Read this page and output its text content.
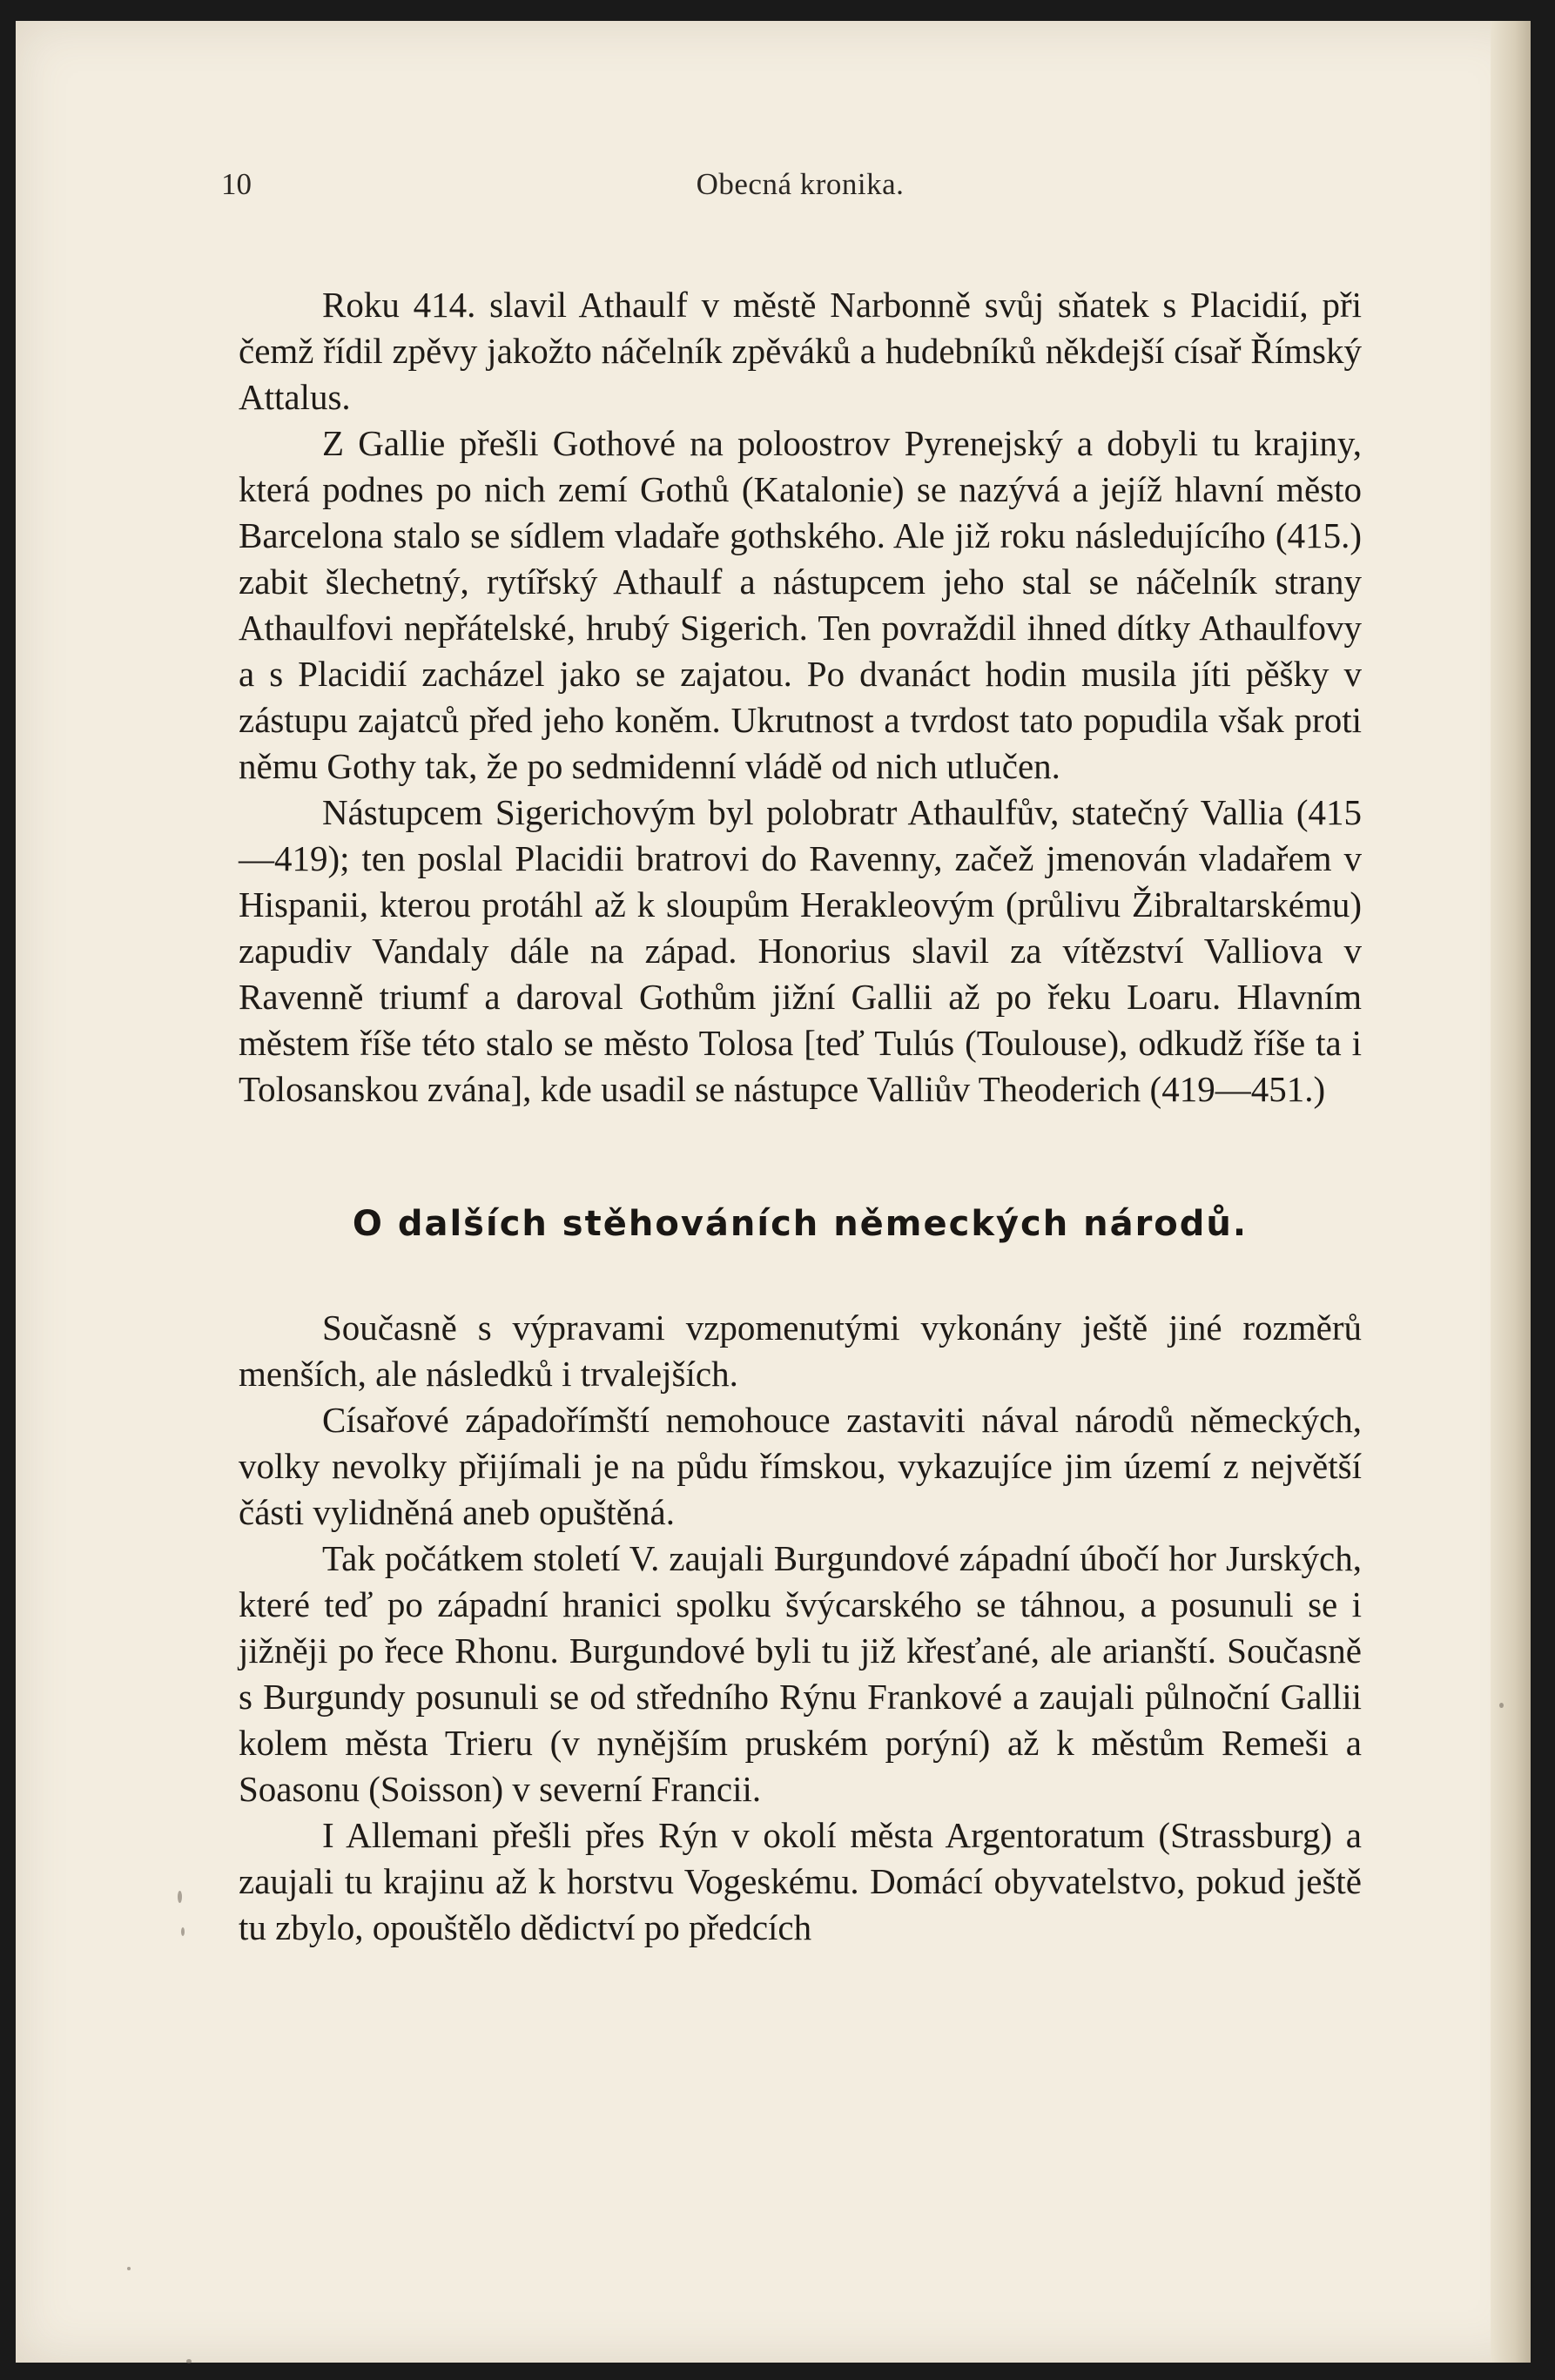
10	Obecná kronika.

Roku 414. slavil Athaulf v městě Narbonně svůj sňatek s Placidií, při čemž řídil zpěvy jakožto náčelník zpěváků a hudebníků někdejší císař Římský Attalus.

Z Gallie přešli Gothové na poloostrov Pyrenejský a dobyli tu krajiny, která podnes po nich zemí Gothů (Katalonie) se nazývá a jejíž hlavní město Barcelona stalo se sídlem vladaře gothského. Ale již roku následujícího (415.) zabit šlechetný, rytířský Athaulf a nástupcem jeho stal se náčelník strany Athaulfovi nepřátelské, hrubý Sigerich. Ten povraždil ihned dítky Athaulfovy a s Placidií zacházel jako se zajatou. Po dvanáct hodin musila jíti pěšky v zástupu zajatců před jeho koněm. Ukrutnost a tvrdost tato popudila však proti němu Gothy tak, že po sedmidenní vládě od nich utlučen.

Nástupcem Sigerichovým byl polobratr Athaulfův, statečný Vallia (415—419); ten poslal Placidii bratrovi do Ravenny, začež jmenován vladařem v Hispanii, kterou protáhl až k sloupům Herakleovým (průlivu Žibraltarskému) zapudiv Vandaly dále na západ. Honorius slavil za vítězství Valliova v Ravenně triumf a daroval Gothům jižní Gallii až po řeku Loaru. Hlavním městem říše této stalo se město Tolosa [teď Tulús (Toulouse), odkudž říše ta i Tolosanskou zvána], kde usadil se nástupce Valliův Theoderich (419—451.)

O dalších stěhováních německých národů.

Současně s výpravami vzpomenutými vykonány ještě jiné rozměrů menších, ale následků i trvalejších.

Císařové západořímští nemohouce zastaviti nával národů německých, volky nevolky přijímali je na půdu římskou, vykazujíce jim území z největší části vylidněná aneb opuštěná.

Tak počátkem století V. zaujali Burgundové západní úbočí hor Jurských, které teď po západní hranici spolku švýcarského se táhnou, a posunuli se i jižněji po řece Rhonu. Burgundové byli tu již křesťané, ale arianští. Současně s Burgundy posunuli se od středního Rýnu Frankové a zaujali půlnoční Gallii kolem města Trieru (v nynějším pruském porýní) až k městům Remeši a Soasonu (Soisson) v severní Francii.

I Allemani přešli přes Rýn v okolí města Argentoratum (Strassburg) a zaujali tu krajinu až k horstvu Vogeskému. Domácí obyvatelstvo, pokud ještě tu zbylo, opouštělo dědictví po předcích
